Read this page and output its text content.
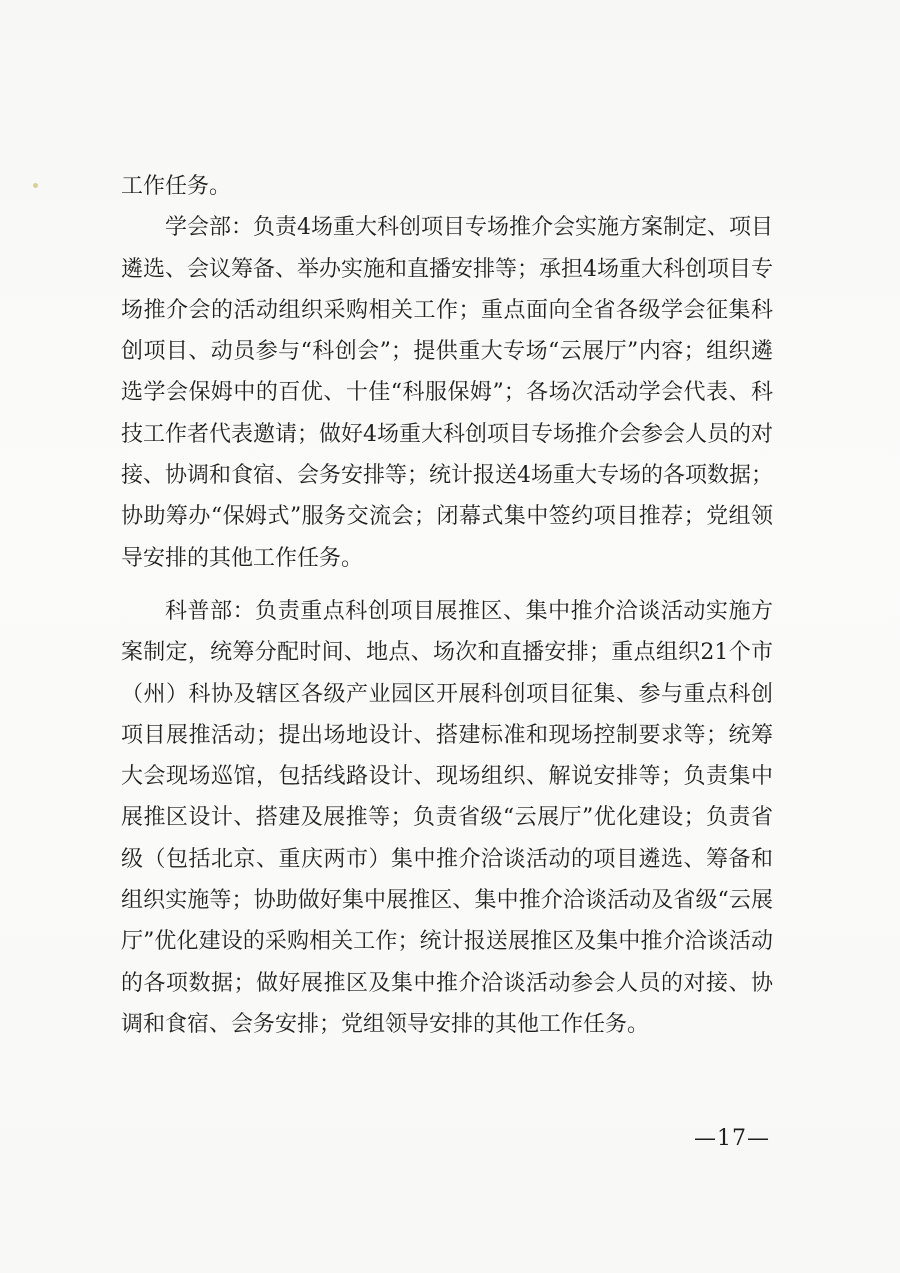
工作任务。

学会部：负责4场重大科创项目专场推介会实施方案制定、项目遴选、会议筹备、举办实施和直播安排等；承担4场重大科创项目专场推介会的活动组织采购相关工作；重点面向全省各级学会征集科创项目、动员参与“科创会”；提供重大专场“云展厅”内容；组织遴选学会保姆中的百优、十佳“科服保姆”；各场次活动学会代表、科技工作者代表邀请；做好4场重大科创项目专场推介会参会人员的对接、协调和食宿、会务安排等；统计报送4场重大专场的各项数据；协助筹办“保姆式”服务交流会；闭幕式集中签约项目推荐；党组领导安排的其他工作任务。

科普部：负责重点科创项目展推区、集中推介洽谈活动实施方案制定，统筹分配时间、地点、场次和直播安排；重点组织21个市（州）科协及辖区各级产业园区开展科创项目征集、参与重点科创项目展推活动；提出场地设计、搭建标准和现场控制要求等；统筹大会现场巡馆，包括线路设计、现场组织、解说安排等；负责集中展推区设计、搭建及展推等；负责省级“云展厅”优化建设；负责省级（包括北京、重庆两市）集中推介洽谈活动的项目遴选、筹备和组织实施等；协助做好集中展推区、集中推介洽谈活动及省级“云展厅”优化建设的采购相关工作；统计报送展推区及集中推介洽谈活动的各项数据；做好展推区及集中推介洽谈活动参会人员的对接、协调和食宿、会务安排；党组领导安排的其他工作任务。

—17—
